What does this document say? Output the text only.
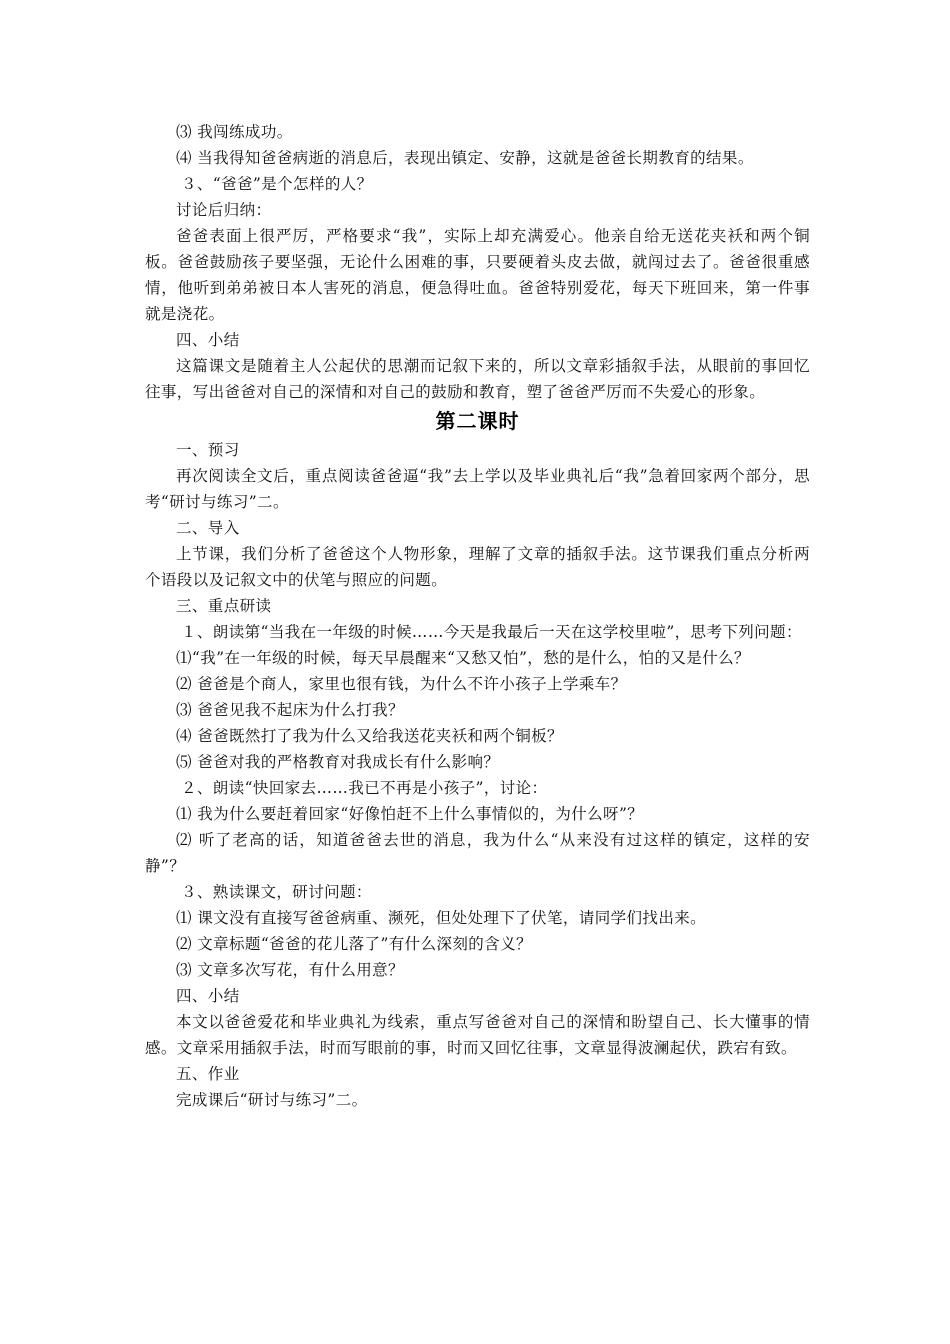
⑶ 我闯练成功。

⑷ 当我得知爸爸病逝的消息后，表现出镇定、安静，这就是爸爸长期教育的结果。

３、“爸爸”是个怎样的人？

讨论后归纳：

爸爸表面上很严厉，严格要求“我”，实际上却充满爱心。他亲自给无送花夹袄和两个铜板。爸爸鼓励孩子要坚强，无论什么困难的事，只要硬着头皮去做，就闯过去了。爸爸很重感情，他听到弟弟被日本人害死的消息，便急得吐血。爸爸特别爱花，每天下班回来，第一件事就是浇花。

四、小结

这篇课文是随着主人公起伏的思潮而记叙下来的，所以文章彩插叙手法，从眼前的事回忆往事，写出爸爸对自己的深情和对自己的鼓励和教育，塑了爸爸严厉而不失爱心的形象。

第二课时

一、预习

再次阅读全文后，重点阅读爸爸逼“我”去上学以及毕业典礼后“我”急着回家两个部分，思考“研讨与练习”二。

二、导入

上节课，我们分析了爸爸这个人物形象，理解了文章的插叙手法。这节课我们重点分析两个语段以及记叙文中的伏笔与照应的问题。

三、重点研读

１、朗读第“当我在一年级的时候……今天是我最后一天在这学校里啦”，思考下列问题：

⑴“我”在一年级的时候，每天早晨醒来“又愁又怕”，愁的是什么，怕的又是什么？

⑵ 爸爸是个商人，家里也很有钱，为什么不许小孩子上学乘车？

⑶ 爸爸见我不起床为什么打我？

⑷ 爸爸既然打了我为什么又给我送花夹袄和两个铜板？

⑸ 爸爸对我的严格教育对我成长有什么影响？

２、朗读“快回家去……我已不再是小孩子”，讨论：

⑴ 我为什么要赶着回家“好像怕赶不上什么事情似的，为什么呀”？

⑵ 听了老高的话，知道爸爸去世的消息，我为什么“从来没有过这样的镇定，这样的安静”？

３、熟读课文，研讨问题：

⑴ 课文没有直接写爸爸病重、濒死，但处处理下了伏笔，请同学们找出来。

⑵ 文章标题“爸爸的花儿落了”有什么深刻的含义？

⑶ 文章多次写花，有什么用意？

四、小结

本文以爸爸爱花和毕业典礼为线索，重点写爸爸对自己的深情和盼望自己、长大懂事的情感。文章采用插叙手法，时而写眼前的事，时而又回忆往事，文章显得波澜起伏，跌宕有致。

五、作业

完成课后“研讨与练习”二。
